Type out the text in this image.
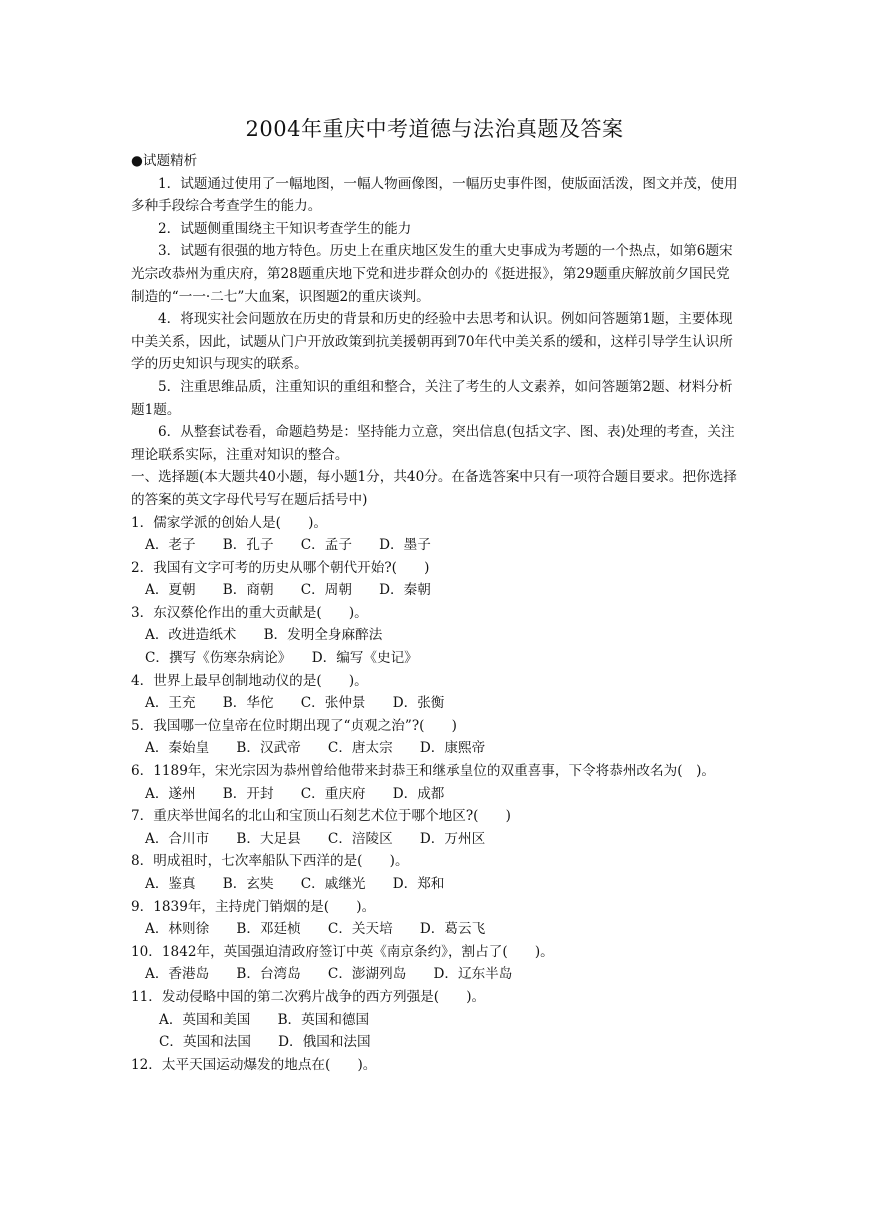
2004年重庆中考道德与法治真题及答案

●试题精析

1．试题通过使用了一幅地图，一幅人物画像图，一幅历史事件图，使版面活泼，图文并茂，使用多种手段综合考查学生的能力。

2．试题侧重围绕主干知识考查学生的能力

3．试题有很强的地方特色。历史上在重庆地区发生的重大史事成为考题的一个热点，如第6题宋光宗改恭州为重庆府，第28题重庆地下党和进步群众创办的《挺进报》，第29题重庆解放前夕国民党制造的“一一·二七”大血案，识图题2的重庆谈判。

4．将现实社会问题放在历史的背景和历史的经验中去思考和认识。例如问答题第1题，主要体现中美关系，因此，试题从门户开放政策到抗美援朝再到70年代中美关系的缓和，这样引导学生认识所学的历史知识与现实的联系。

5．注重思维品质，注重知识的重组和整合，关注了考生的人文素养，如问答题第2题、材料分析题1题。

6．从整套试卷看，命题趋势是：坚持能力立意，突出信息(包括文字、图、表)处理的考查，关注理论联系实际，注重对知识的整合。

一、选择题(本大题共40小题，每小题1分，共40分。在备选答案中只有一项符合题目要求。把你选择的答案的英文字母代号写在题后括号中)

1．儒家学派的创始人是(　　)。

A．老子　　B．孔子　　C．孟子　　D．墨子

2．我国有文字可考的历史从哪个朝代开始?(　　)

A．夏朝　　B．商朝　　C．周朝　　D．秦朝

3．东汉蔡伦作出的重大贡献是(　　)。

A．改进造纸术　　B．发明全身麻醉法

C．撰写《伤寒杂病论》　　D．编写《史记》

4．世界上最早创制地动仪的是(　　)。

A．王充　　B．华佗　　C．张仲景　　D．张衡

5．我国哪一位皇帝在位时期出现了“贞观之治”?(　　)

A．秦始皇　　B．汉武帝　　C．唐太宗　　D．康熙帝

6．1189年，宋光宗因为恭州曾给他带来封恭王和继承皇位的双重喜事，下令将恭州改名为(　)。

A．遂州　　B．开封　　C．重庆府　　D．成都

7．重庆举世闻名的北山和宝顶山石刻艺术位于哪个地区?(　　)

A．合川市　　B．大足县　　C．涪陵区　　D．万州区

8．明成祖时，七次率船队下西洋的是(　　)。

A．鉴真　　B．玄奘　　C．戚继光　　D．郑和

9．1839年，主持虎门销烟的是(　　)。

A．林则徐　　B．邓廷桢　　C．关天培　　D．葛云飞

10．1842年，英国强迫清政府签订中英《南京条约》，割占了(　　)。

A．香港岛　　B．台湾岛　　C．澎湖列岛　　D．辽东半岛

11．发动侵略中国的第二次鸦片战争的西方列强是(　　)。

A．英国和美国　　B．英国和德国

C．英国和法国　　D．俄国和法国

12．太平天国运动爆发的地点在(　　)。
